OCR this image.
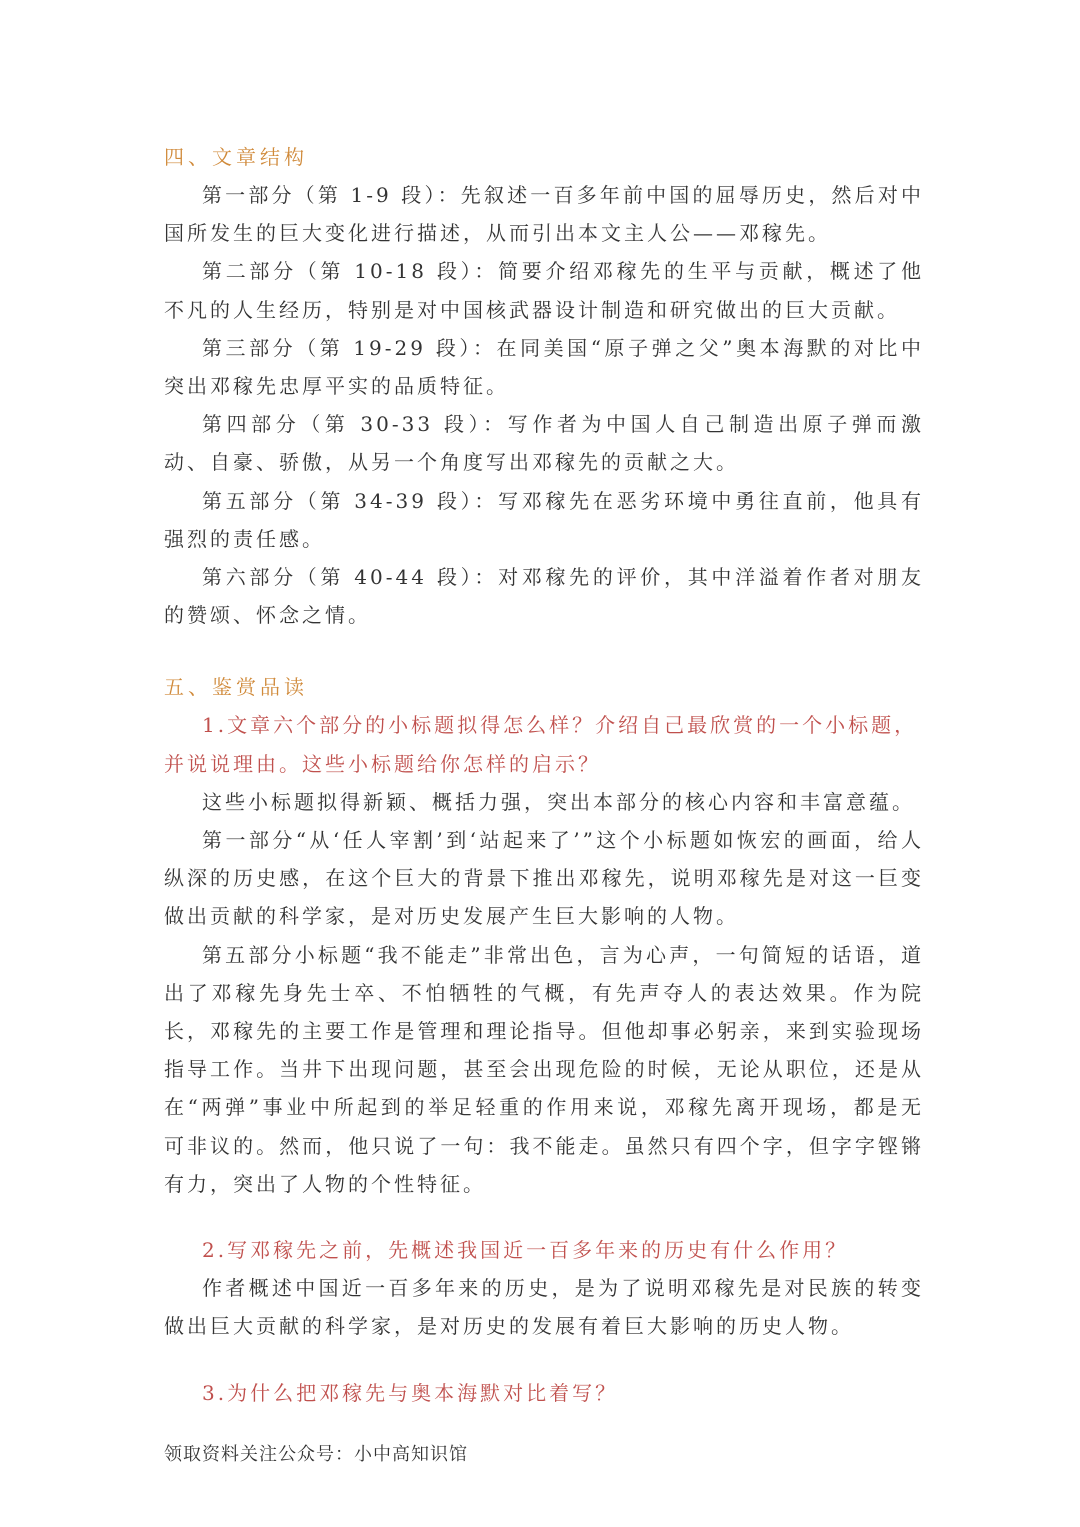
四、文章结构

第一部分（第 1-9 段）：先叙述一百多年前中国的屈辱历史，然后对中国所发生的巨大变化进行描述，从而引出本文主人公——邓稼先。

第二部分（第 10-18 段）：简要介绍邓稼先的生平与贡献，概述了他不凡的人生经历，特别是对中国核武器设计制造和研究做出的巨大贡献。

第三部分（第 19-29 段）：在同美国“原子弹之父”奥本海默的对比中突出邓稼先忠厚平实的品质特征。

第四部分（第 30-33 段）：写作者为中国人自己制造出原子弹而激动、自豪、骄傲，从另一个角度写出邓稼先的贡献之大。

第五部分（第 34-39 段）：写邓稼先在恶劣环境中勇往直前，他具有强烈的责任感。

第六部分（第 40-44 段）：对邓稼先的评价，其中洋溢着作者对朋友的赞颂、怀念之情。

五、鉴赏品读

1.文章六个部分的小标题拟得怎么样？介绍自己最欣赏的一个小标题，并说说理由。这些小标题给你怎样的启示？

这些小标题拟得新颖、概括力强，突出本部分的核心内容和丰富意蕴。

第一部分“从‘任人宰割’到‘站起来了’”这个小标题如恢宏的画面，给人纵深的历史感，在这个巨大的背景下推出邓稼先，说明邓稼先是对这一巨变做出贡献的科学家，是对历史发展产生巨大影响的人物。

第五部分小标题“我不能走”非常出色，言为心声，一句简短的话语，道出了邓稼先身先士卒、不怕牺牲的气概，有先声夺人的表达效果。作为院长，邓稼先的主要工作是管理和理论指导。但他却事必躬亲，来到实验现场指导工作。当井下出现问题，甚至会出现危险的时候，无论从职位，还是从在“两弹”事业中所起到的举足轻重的作用来说，邓稼先离开现场，都是无可非议的。然而，他只说了一句：我不能走。虽然只有四个字，但字字铿锵有力，突出了人物的个性特征。

2.写邓稼先之前，先概述我国近一百多年来的历史有什么作用？

作者概述中国近一百多年来的历史，是为了说明邓稼先是对民族的转变做出巨大贡献的科学家，是对历史的发展有着巨大影响的历史人物。

3.为什么把邓稼先与奥本海默对比着写？

领取资料关注公众号：小中高知识馆
